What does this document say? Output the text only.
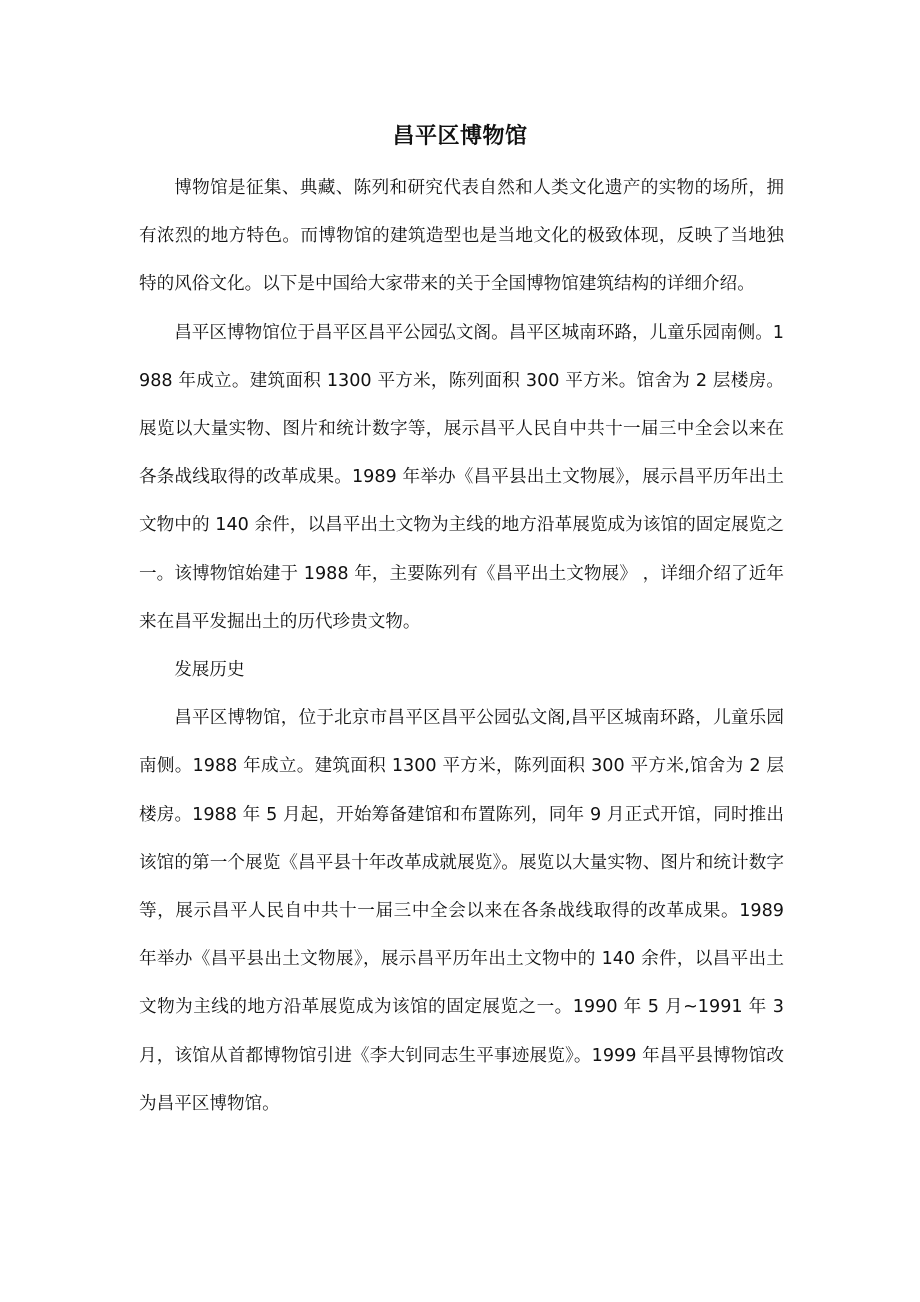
昌平区博物馆

博物馆是征集、典藏、陈列和研究代表自然和人类文化遗产的实物的场所，拥有浓烈的地方特色。而博物馆的建筑造型也是当地文化的极致体现，反映了当地独特的风俗文化。以下是中国给大家带来的关于全国博物馆建筑结构的详细介绍。

昌平区博物馆位于昌平区昌平公园弘文阁。昌平区城南环路，儿童乐园南侧。1988 年成立。建筑面积 1300 平方米，陈列面积 300 平方米。馆舍为 2 层楼房。展览以大量实物、图片和统计数字等，展示昌平人民自中共十一届三中全会以来在各条战线取得的改革成果。1989 年举办《昌平县出土文物展》，展示昌平历年出土文物中的 140 余件，以昌平出土文物为主线的地方沿革展览成为该馆的固定展览之一。该博物馆始建于 1988 年，主要陈列有《昌平出土文物展》 ，详细介绍了近年来在昌平发掘出土的历代珍贵文物。

发展历史

昌平区博物馆，位于北京市昌平区昌平公园弘文阁,昌平区城南环路，儿童乐园南侧。1988 年成立。建筑面积 1300 平方米，陈列面积 300 平方米,馆舍为 2 层楼房。1988 年 5 月起，开始筹备建馆和布置陈列，同年 9 月正式开馆，同时推出该馆的第一个展览《昌平县十年改革成就展览》。展览以大量实物、图片和统计数字等，展示昌平人民自中共十一届三中全会以来在各条战线取得的改革成果。1989 年举办《昌平县出土文物展》，展示昌平历年出土文物中的 140 余件，以昌平出土文物为主线的地方沿革展览成为该馆的固定展览之一。1990 年 5 月~1991 年 3 月，该馆从首都博物馆引进《李大钊同志生平事迹展览》。1999 年昌平县博物馆改为昌平区博物馆。
